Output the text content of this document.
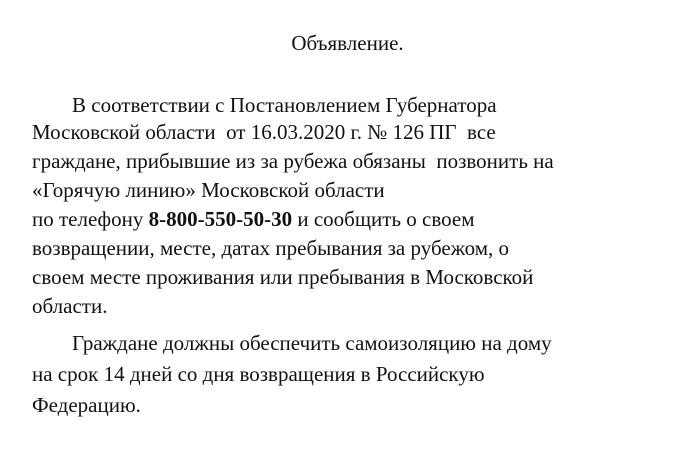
Объявление.

В соответствии с Постановлением Губернатора

Московской области  от 16.03.2020 г. № 126 ПГ  все

граждане, прибывшие из за рубежа обязаны  позвонить на

«Горячую линию» Московской области

по телефону 8-800-550-50-30 и сообщить о своем

возвращении, месте, датах пребывания за рубежом, о

своем месте проживания или пребывания в Московской

области.

Граждане должны обеспечить самоизоляцию на дому

на срок 14 дней со дня возвращения в Российскую

Федерацию.
